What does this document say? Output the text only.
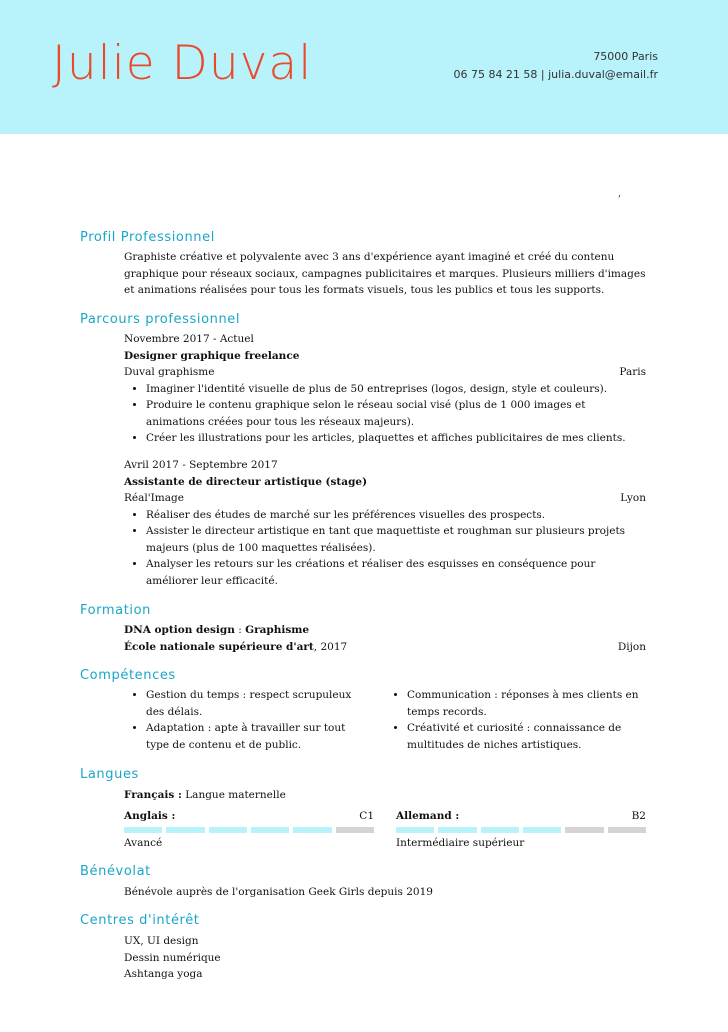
Julie Duval	75000 Paris
06 75 84 21 58 | julia.duval@email.fr
,
Profil Professionnel
Graphiste créative et polyvalente avec 3 ans d'expérience ayant imaginé et créé du contenu graphique pour réseaux sociaux, campagnes publicitaires et marques. Plusieurs milliers d'images et animations réalisées pour tous les formats visuels, tous les publics et tous les supports.
Parcours professionnel
Novembre 2017 - Actuel
Designer graphique freelance
Duval graphisme	Paris
• Imaginer l'identité visuelle de plus de 50 entreprises (logos, design, style et couleurs).
• Produire le contenu graphique selon le réseau social visé (plus de 1 000 images et animations créées pour tous les réseaux majeurs).
• Créer les illustrations pour les articles, plaquettes et affiches publicitaires de mes clients.
Avril 2017 - Septembre 2017
Assistante de directeur artistique (stage)
Réal'Image	Lyon
• Réaliser des études de marché sur les préférences visuelles des prospects.
• Assister le directeur artistique en tant que maquettiste et roughman sur plusieurs projets majeurs (plus de 100 maquettes réalisées).
• Analyser les retours sur les créations et réaliser des esquisses en conséquence pour améliorer leur efficacité.
Formation
DNA option design : Graphisme
École nationale supérieure d'art, 2017	Dijon
Compétences
• Gestion du temps : respect scrupuleux des délais.
• Adaptation : apte à travailler sur tout type de contenu et de public.
• Communication : réponses à mes clients en temps records.
• Créativité et curiosité : connaissance de multitudes de niches artistiques.
Langues
Français : Langue maternelle
Anglais :	C1
Avancé
Allemand :	B2
Intermédiaire supérieur
Bénévolat
Bénévole auprès de l'organisation Geek Girls depuis 2019
Centres d'intérêt
UX, UI design
Dessin numérique
Ashtanga yoga
